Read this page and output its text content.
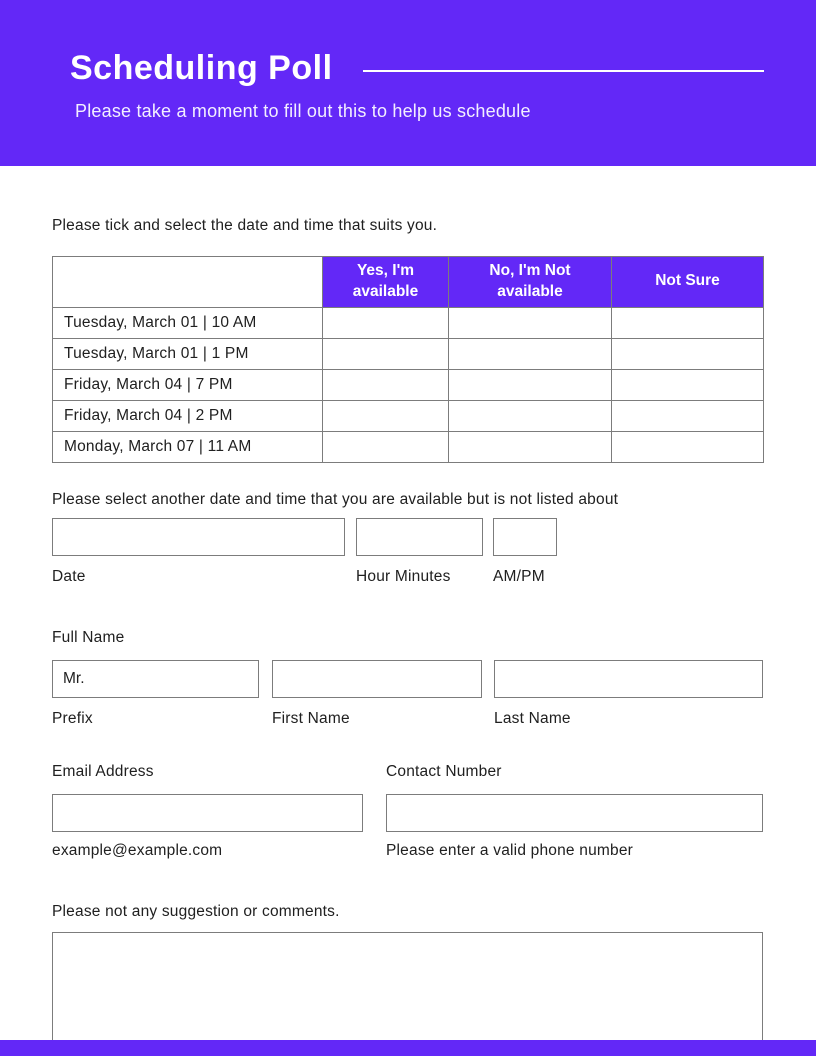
Scheduling Poll
Please take a moment to fill out this to help us schedule
Please tick and select the date and time that suits you.
	Yes, I'm available	No, I'm Not available	Not Sure
Tuesday, March 01 | 10 AM			
Tuesday, March 01 | 1 PM			
Friday, March 04 | 7 PM			
Friday, March 04 | 2 PM			
Monday, March 07 | 11 AM			
Please select another date and time that you are available but is not listed about
Date	Hour Minutes	AM/PM
Full Name
Mr.
Prefix	First Name	Last Name
Email Address
example@example.com
Contact Number
Please enter a valid phone number
Please not any suggestion or comments.
